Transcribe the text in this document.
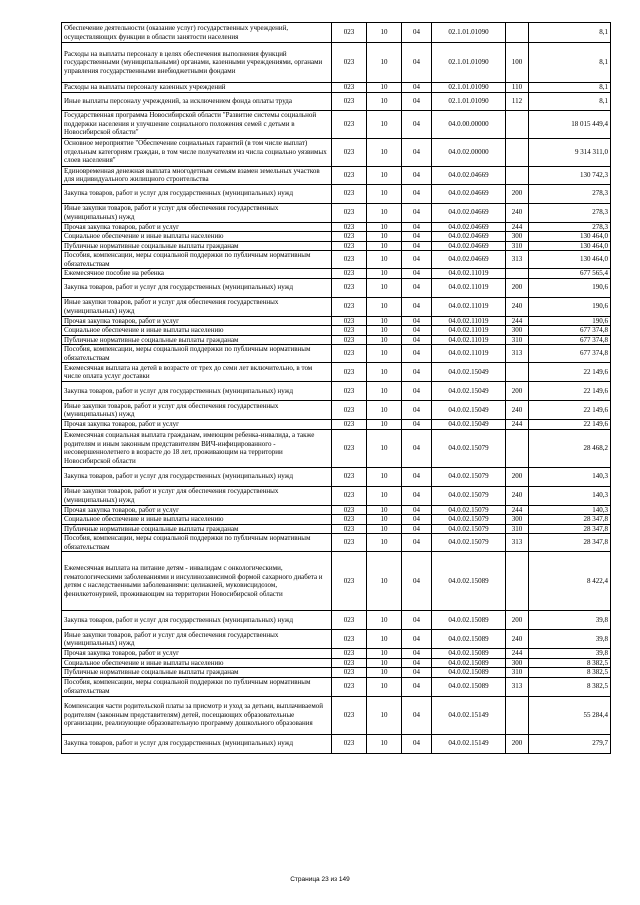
Обеспечение деятельности (оказание услуг) государственных учреждений, осуществляющих функции в области занятости населения	023	10	04	02.1.01.01090		8,1
Расходы на выплаты персоналу в целях обеспечения выполнения функций государственными (муниципальными) органами, казенными учреждениями, органами управления государственными внебюджетными фондами	023	10	04	02.1.01.01090	100	8,1
Расходы на выплаты персоналу казенных учреждений	023	10	04	02.1.01.01090	110	8,1
Иные выплаты персоналу учреждений, за исключением фонда оплаты труда	023	10	04	02.1.01.01090	112	8,1
Государственная программа Новосибирской области "Развитие системы социальной поддержки населения и улучшение социального положения семей с детьми в Новосибирской области"	023	10	04	04.0.00.00000		18 015 449,4
Основное мероприятие "Обеспечение социальных гарантий (в том числе выплат) отдельным категориям граждан, в том числе получателям из числа социально уязвимых слоев населения"	023	10	04	04.0.02.00000		9 314 311,0
Единовременная денежная выплата многодетным семьям взамен земельных участков для индивидуального жилищного строительства	023	10	04	04.0.02.04669		130 742,3
Закупка товаров, работ и услуг для государственных (муниципальных) нужд	023	10	04	04.0.02.04669	200	278,3
Иные закупки товаров, работ и услуг для обеспечения государственных (муниципальных) нужд	023	10	04	04.0.02.04669	240	278,3
Прочая закупка товаров, работ и услуг	023	10	04	04.0.02.04669	244	278,3
Социальное обеспечение и иные выплаты населению	023	10	04	04.0.02.04669	300	130 464,0
Публичные нормативные социальные выплаты гражданам	023	10	04	04.0.02.04669	310	130 464,0
Пособия, компенсации, меры социальной поддержки по публичным нормативным обязательствам	023	10	04	04.0.02.04669	313	130 464,0
Ежемесячное пособие на ребенка	023	10	04	04.0.02.11019		677 565,4
Закупка товаров, работ и услуг для государственных (муниципальных) нужд	023	10	04	04.0.02.11019	200	190,6
Иные закупки товаров, работ и услуг для обеспечения государственных (муниципальных) нужд	023	10	04	04.0.02.11019	240	190,6
Прочая закупка товаров, работ и услуг	023	10	04	04.0.02.11019	244	190,6
Социальное обеспечение и иные выплаты населению	023	10	04	04.0.02.11019	300	677 374,8
Публичные нормативные социальные выплаты гражданам	023	10	04	04.0.02.11019	310	677 374,8
Пособия, компенсации, меры социальной поддержки по публичным нормативным обязательствам	023	10	04	04.0.02.11019	313	677 374,8
Ежемесячная выплата на детей в возрасте от трех до семи лет включительно, в том числе оплата услуг доставки	023	10	04	04.0.02.15049		22 149,6
Закупка товаров, работ и услуг для государственных (муниципальных) нужд	023	10	04	04.0.02.15049	200	22 149,6
Иные закупки товаров, работ и услуг для обеспечения государственных (муниципальных) нужд	023	10	04	04.0.02.15049	240	22 149,6
Прочая закупка товаров, работ и услуг	023	10	04	04.0.02.15049	244	22 149,6
Ежемесячная социальная выплата гражданам, имеющим ребенка-инвалида, а также родителям и иным законным представителям ВИЧ-инфицированного - несовершеннолетнего в возрасте до 18 лет, проживающим на территории Новосибирской области	023	10	04	04.0.02.15079		28 468,2
Закупка товаров, работ и услуг для государственных (муниципальных) нужд	023	10	04	04.0.02.15079	200	140,3
Иные закупки товаров, работ и услуг для обеспечения государственных (муниципальных) нужд	023	10	04	04.0.02.15079	240	140,3
Прочая закупка товаров, работ и услуг	023	10	04	04.0.02.15079	244	140,3
Социальное обеспечение и иные выплаты населению	023	10	04	04.0.02.15079	300	28 347,8
Публичные нормативные социальные выплаты гражданам	023	10	04	04.0.02.15079	310	28 347,8
Пособия, компенсации, меры социальной поддержки по публичным нормативным обязательствам	023	10	04	04.0.02.15079	313	28 347,8
Ежемесячная выплата на питание детям - инвалидам с онкологическими, гематологическими заболеваниями и инсулинозависимой формой сахарного диабета и детям с наследственными заболеваниями: целиакией, муковисцидозом, фенилкетонурией, проживающим на территории Новосибирской области	023	10	04	04.0.02.15089		8 422,4
Закупка товаров, работ и услуг для государственных (муниципальных) нужд	023	10	04	04.0.02.15089	200	39,8
Иные закупки товаров, работ и услуг для обеспечения государственных (муниципальных) нужд	023	10	04	04.0.02.15089	240	39,8
Прочая закупка товаров, работ и услуг	023	10	04	04.0.02.15089	244	39,8
Социальное обеспечение и иные выплаты населению	023	10	04	04.0.02.15089	300	8 382,5
Публичные нормативные социальные выплаты гражданам	023	10	04	04.0.02.15089	310	8 382,5
Пособия, компенсации, меры социальной поддержки по публичным нормативным обязательствам	023	10	04	04.0.02.15089	313	8 382,5
Компенсация части родительской платы за присмотр и уход за детьми, выплачиваемой родителям (законным представителям) детей, посещающих образовательные организации, реализующие образовательную программу дошкольного образования	023	10	04	04.0.02.15149		55 284,4
Закупка товаров, работ и услуг для государственных (муниципальных) нужд	023	10	04	04.0.02.15149	200	279,7
Страница 23 из 149
